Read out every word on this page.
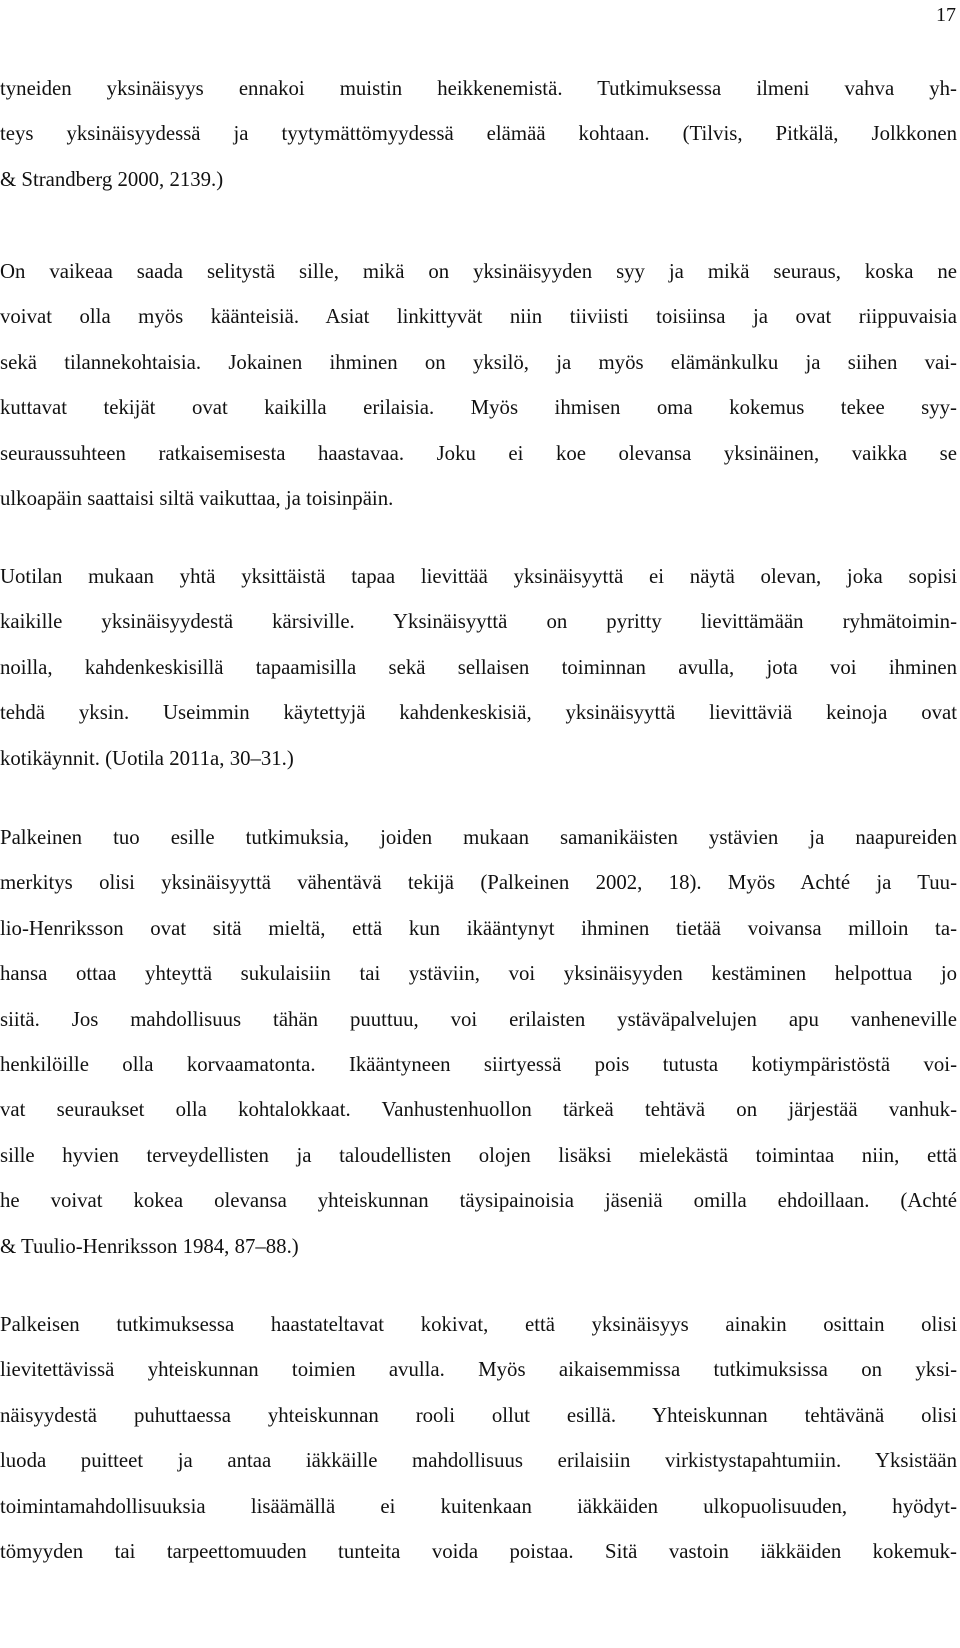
17
tyneiden yksinäisyys ennakoi muistin heikkenemistä. Tutkimuksessa ilmeni vahva yh-
teys yksinäisyydessä ja tyytymättömyydessä elämää kohtaan. (Tilvis, Pitkälä, Jolkkonen
& Strandberg 2000, 2139.)
On vaikeaa saada selitystä sille, mikä on yksinäisyyden syy ja mikä seuraus, koska ne
voivat olla myös käänteisiä. Asiat linkittyvät niin tiiviisti toisiinsa ja ovat riippuvaisia
sekä tilannekohtaisia. Jokainen ihminen on yksilö, ja myös elämänkulku ja siihen vai-
kuttavat tekijät ovat kaikilla erilaisia. Myös ihmisen oma kokemus tekee syy-
seuraussuhteen ratkaisemisesta haastavaa. Joku ei koe olevansa yksinäinen, vaikka se
ulkoapäin saattaisi siltä vaikuttaa, ja toisinpäin.
Uotilan mukaan yhtä yksittäistä tapaa lievittää yksinäisyyttä ei näytä olevan, joka sopisi
kaikille yksinäisyydestä kärsiville. Yksinäisyyttä on pyritty lievittämään ryhmätoimin-
noilla, kahdenkeskisillä tapaamisilla sekä sellaisen toiminnan avulla, jota voi ihminen
tehdä yksin. Useimmin käytettyjä kahdenkeskisiä, yksinäisyyttä lievittäviä keinoja ovat
kotikäynnit. (Uotila 2011a, 30–31.)
Palkeinen tuo esille tutkimuksia, joiden mukaan samanikäisten ystävien ja naapureiden
merkitys olisi yksinäisyyttä vähentävä tekijä (Palkeinen 2002, 18). Myös Achté ja Tuu-
lio-Henriksson ovat sitä mieltä, että kun ikääntynyt ihminen tietää voivansa milloin ta-
hansa ottaa yhteyttä sukulaisiin tai ystäviin, voi yksinäisyyden kestäminen helpottua jo
siitä. Jos mahdollisuus tähän puuttuu, voi erilaisten ystäväpalvelujen apu vanheneville
henkilöille olla korvaamatonta. Ikääntyneen siirtyessä pois tutusta kotiympäristöstä voi-
vat seuraukset olla kohtalokkaat. Vanhustenhuollon tärkeä tehtävä on järjestää vanhuk-
sille hyvien terveydellisten ja taloudellisten olojen lisäksi mielekästä toimintaa niin, että
he voivat kokea olevansa yhteiskunnan täysipainoisia jäseniä omilla ehdoillaan. (Achté
& Tuulio-Henriksson 1984, 87–88.)
Palkeisen tutkimuksessa haastateltavat kokivat, että yksinäisyys ainakin osittain olisi
lievitettävissä yhteiskunnan toimien avulla. Myös aikaisemmissa tutkimuksissa on yksi-
näisyydestä puhuttaessa yhteiskunnan rooli ollut esillä. Yhteiskunnan tehtävänä olisi
luoda puitteet ja antaa iäkkäille mahdollisuus erilaisiin virkistystapahtumiin. Yksistään
toimintamahdollisuuksia lisäämällä ei kuitenkaan iäkkäiden ulkopuolisuuden, hyödyt-
tömyyden tai tarpeettomuuden tunteita voida poistaa. Sitä vastoin iäkkäiden kokemuk-
